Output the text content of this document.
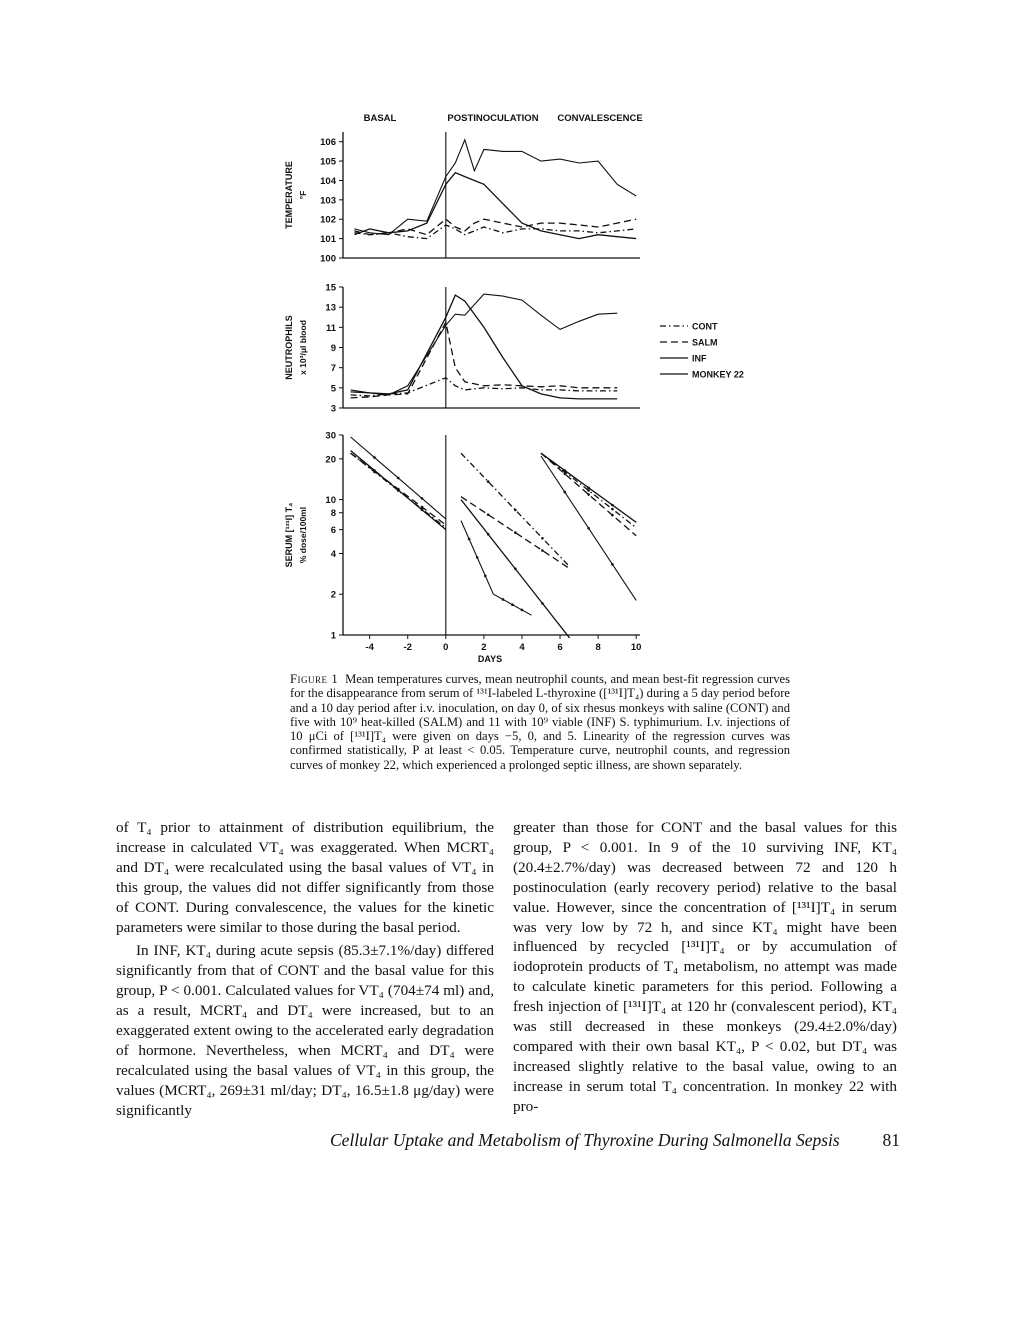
BASAL	POSTINOCULATION CONVALESCENCE
100
101
102
103
104
105
106
TEMPERATURE °F
3
5
7
9
11
13
15
NEUTROPHILS x 10³/μl blood
1
2
4
6
8
10
20
30
SERUM [¹³¹I] T₄ % dose/100ml
-4	-2	0	2	4	6	8	10
DAYS
CONT
SALM
INF
MONKEY 22
Figure 1 Mean temperatures curves, mean neutrophil counts, and mean best-fit regression curves for the disappearance from serum of ¹³¹I-labeled L-thyroxine ([¹³¹I]T₄) during a 5 day period before and a 10 day period after i.v. inoculation, on day 0, of six rhesus monkeys with saline (CONT) and five with 10⁹ heat-killed (SALM) and 11 with 10⁹ viable (INF) S. typhimurium. I.v. injections of 10 μCi of [¹³¹I]T₄ were given on days −5, 0, and 5. Linearity of the regression curves was confirmed statistically, P at least < 0.05. Temperature curve, neutrophil counts, and regression curves of monkey 22, which experienced a prolonged septic illness, are shown separately.

of T₄ prior to attainment of distribution equilibrium, the increase in calculated VT₄ was exaggerated. When MCRT₄ and DT₄ were recalculated using the basal values of VT₄ in this group, the values did not differ significantly from those of CONT. During convalescence, the values for the kinetic parameters were similar to those during the basal period.

In INF, KT₄ during acute sepsis (85.3±7.1%/day) differed significantly from that of CONT and the basal value for this group, P < 0.001. Calculated values for VT₄ (704±74 ml) and, as a result, MCRT₄ and DT₄ were increased, but to an exaggerated extent owing to the accelerated early degradation of hormone. Nevertheless, when MCRT₄ and DT₄ were recalculated using the basal values of VT₄ in this group, the values (MCRT₄, 269±31 ml/day; DT₄, 16.5±1.8 μg/day) were significantly

greater than those for CONT and the basal values for this group, P < 0.001. In 9 of the 10 surviving INF, KT₄ (20.4±2.7%/day) was decreased between 72 and 120 h postinoculation (early recovery period) relative to the basal value. However, since the concentration of [¹³¹I]T₄ in serum was very low by 72 h, and since KT₄ might have been influenced by recycled [¹³¹I]T₄ or by accumulation of iodoprotein products of T₄ metabolism, no attempt was made to calculate kinetic parameters for this period. Following a fresh injection of [¹³¹I]T₄ at 120 hr (convalescent period), KT₄ was still decreased in these monkeys (29.4±2.0%/day) compared with their own basal KT₄, P < 0.02, but DT₄ was increased slightly relative to the basal value, owing to an increase in serum total T₄ concentration. In monkey 22 with pro-

Cellular Uptake and Metabolism of Thyroxine During Salmonella Sepsis 81
